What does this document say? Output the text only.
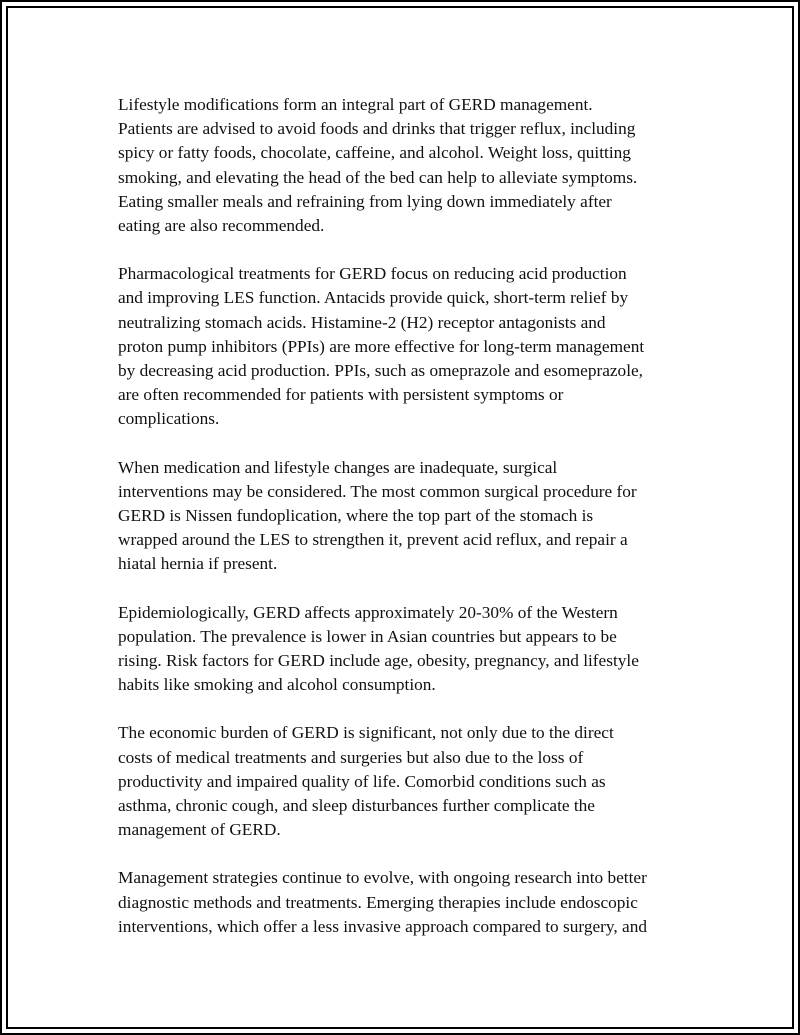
Lifestyle modifications form an integral part of GERD management.
Patients are advised to avoid foods and drinks that trigger reflux, including
spicy or fatty foods, chocolate, caffeine, and alcohol. Weight loss, quitting
smoking, and elevating the head of the bed can help to alleviate symptoms.
Eating smaller meals and refraining from lying down immediately after
eating are also recommended.

Pharmacological treatments for GERD focus on reducing acid production
and improving LES function. Antacids provide quick, short-term relief by
neutralizing stomach acids. Histamine-2 (H2) receptor antagonists and
proton pump inhibitors (PPIs) are more effective for long-term management
by decreasing acid production. PPIs, such as omeprazole and esomeprazole,
are often recommended for patients with persistent symptoms or
complications.

When medication and lifestyle changes are inadequate, surgical
interventions may be considered. The most common surgical procedure for
GERD is Nissen fundoplication, where the top part of the stomach is
wrapped around the LES to strengthen it, prevent acid reflux, and repair a
hiatal hernia if present.

Epidemiologically, GERD affects approximately 20-30% of the Western
population. The prevalence is lower in Asian countries but appears to be
rising. Risk factors for GERD include age, obesity, pregnancy, and lifestyle
habits like smoking and alcohol consumption.

The economic burden of GERD is significant, not only due to the direct
costs of medical treatments and surgeries but also due to the loss of
productivity and impaired quality of life. Comorbid conditions such as
asthma, chronic cough, and sleep disturbances further complicate the
management of GERD.

Management strategies continue to evolve, with ongoing research into better
diagnostic methods and treatments. Emerging therapies include endoscopic
interventions, which offer a less invasive approach compared to surgery, and
